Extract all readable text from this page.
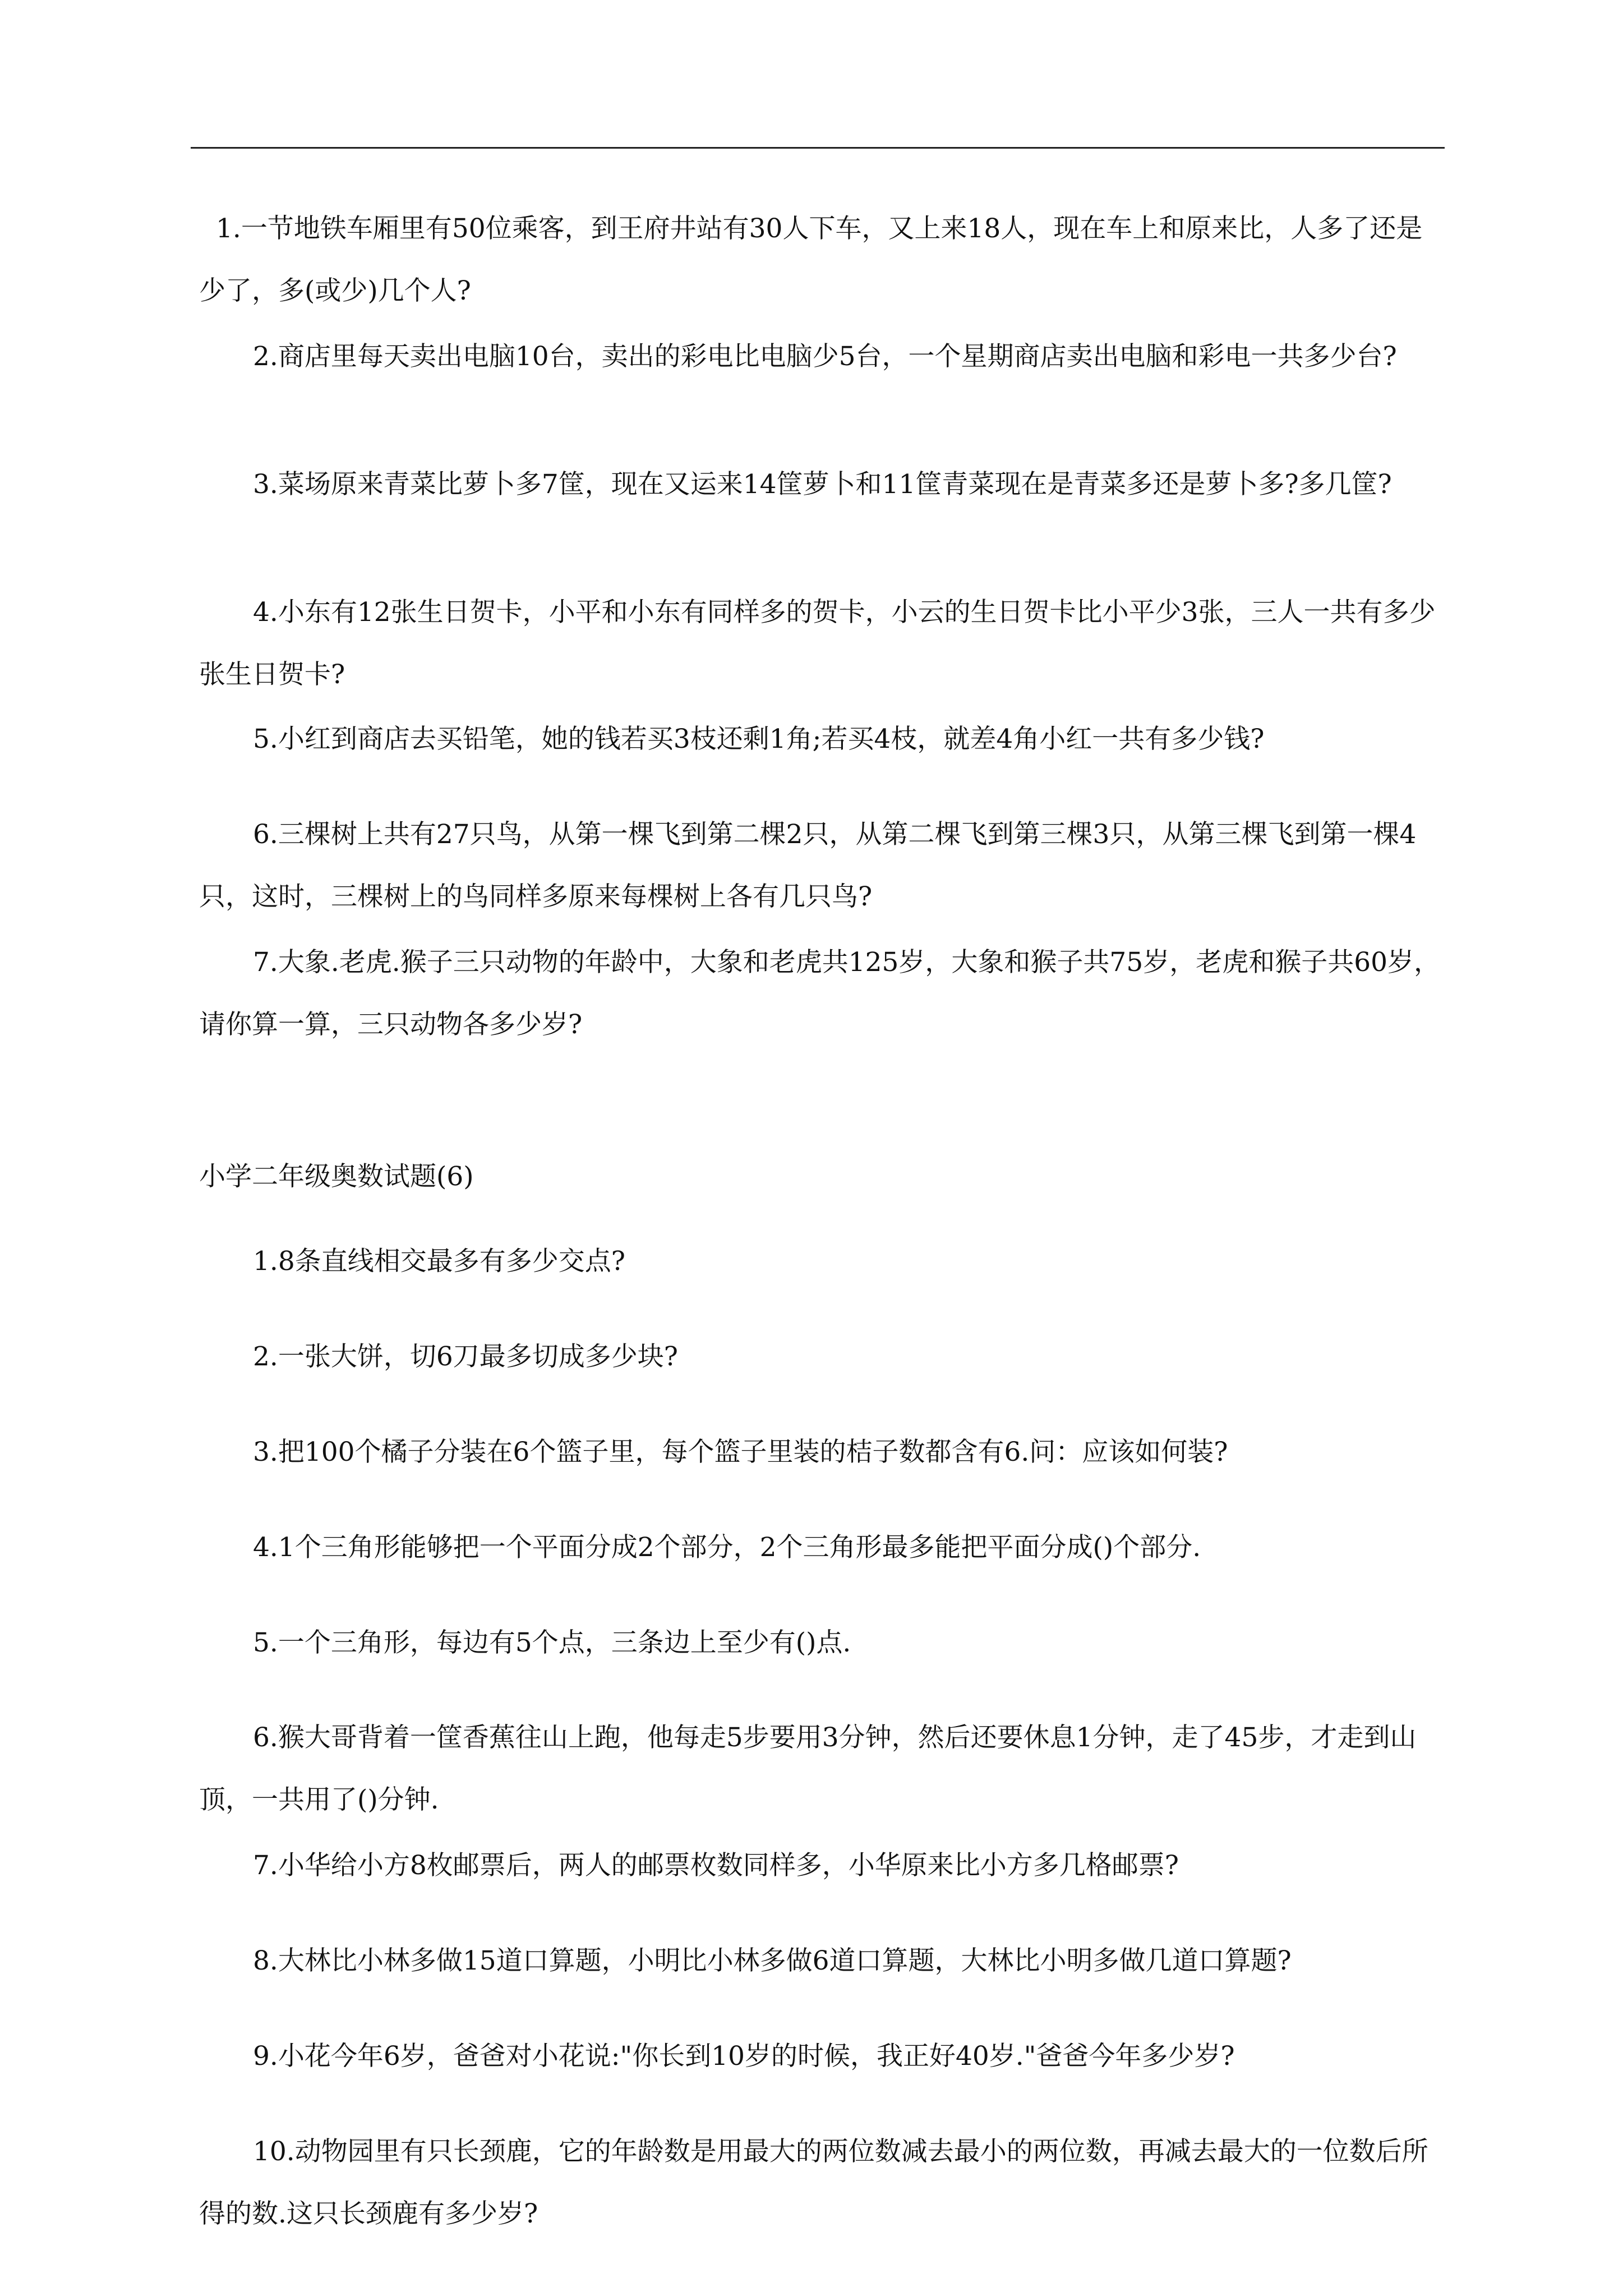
1.一节地铁车厢里有50位乘客，到王府井站有30人下车，又上来18人，现在车上和原来比，人多了还是少了，多(或少)几个人?

2.商店里每天卖出电脑10台，卖出的彩电比电脑少5台，一个星期商店卖出电脑和彩电一共多少台?

3.菜场原来青菜比萝卜多7筐，现在又运来14筐萝卜和11筐青菜现在是青菜多还是萝卜多?多几筐?

4.小东有12张生日贺卡，小平和小东有同样多的贺卡，小云的生日贺卡比小平少3张，三人一共有多少张生日贺卡?

5.小红到商店去买铅笔，她的钱若买3枝还剩1角;若买4枝，就差4角小红一共有多少钱?

6.三棵树上共有27只鸟，从第一棵飞到第二棵2只，从第二棵飞到第三棵3只，从第三棵飞到第一棵4只，这时，三棵树上的鸟同样多原来每棵树上各有几只鸟?

7.大象.老虎.猴子三只动物的年龄中，大象和老虎共125岁，大象和猴子共75岁，老虎和猴子共60岁，请你算一算，三只动物各多少岁?

小学二年级奥数试题(6)

1.8条直线相交最多有多少交点?

2.一张大饼，切6刀最多切成多少块?

3.把100个橘子分装在6个篮子里，每个篮子里装的桔子数都含有6.问：应该如何装?

4.1个三角形能够把一个平面分成2个部分，2个三角形最多能把平面分成()个部分.

5.一个三角形，每边有5个点，三条边上至少有()点.

6.猴大哥背着一筐香蕉往山上跑，他每走5步要用3分钟，然后还要休息1分钟，走了45步，才走到山顶，一共用了()分钟.

7.小华给小方8枚邮票后，两人的邮票枚数同样多，小华原来比小方多几格邮票?

8.大林比小林多做15道口算题，小明比小林多做6道口算题，大林比小明多做几道口算题?

9.小花今年6岁，爸爸对小花说:"你长到10岁的时候，我正好40岁."爸爸今年多少岁?

10.动物园里有只长颈鹿，它的年龄数是用最大的两位数减去最小的两位数，再减去最大的一位数后所得的数.这只长颈鹿有多少岁?
